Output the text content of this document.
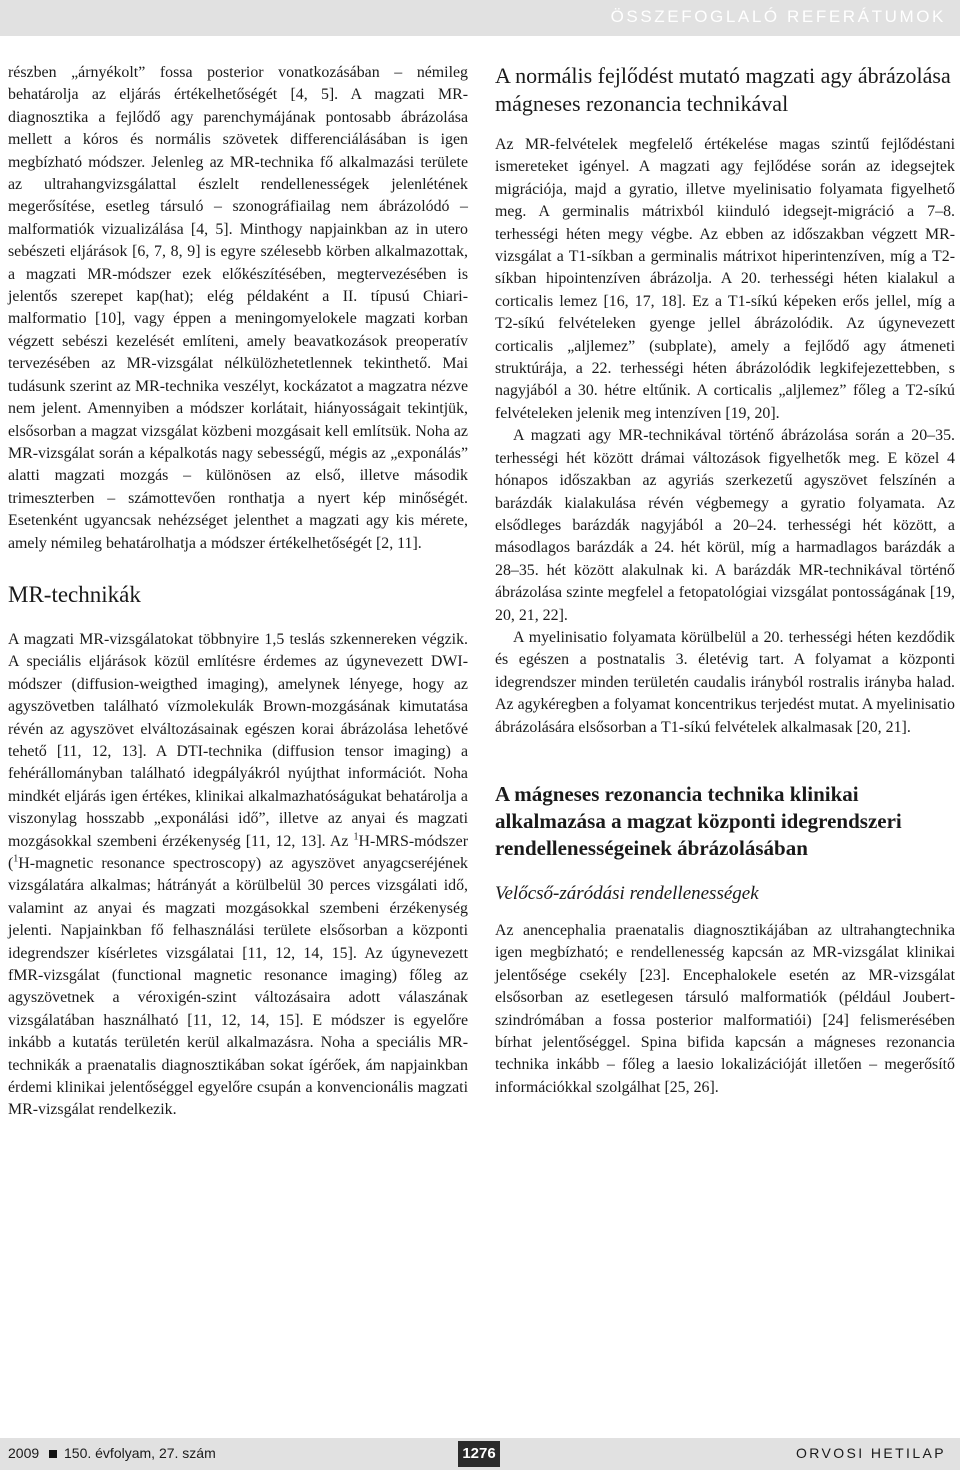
ÖSSZEFOGLALÓ REFERÁTUMOK

részben „árnyékolt” fossa posterior vonatkozásában – némileg behatárolja az eljárás értékelhetőségét [4, 5]. A magzati MR-diagnosztika a fejlődő agy parenchymájának pontosabb ábrázolása mellett a kóros és normális szövetek differenciálásában is igen megbízható módszer. Jelenleg az MR-technika fő alkalmazási területe az ultrahangvizsgálattal észlelt rendellenességek jelenlétének megerősítése, esetleg társuló – szonográfiailag nem ábrázolódó – malformatiók vizualizálása [4, 5]. Minthogy napjainkban az in utero sebészeti eljárások [6, 7, 8, 9] is egyre szélesebb körben alkalmazottak, a magzati MR-módszer ezek előkészítésében, megtervezésében is jelentős szerepet kap(hat); elég példaként a II. típusú Chiari-malformatio [10], vagy éppen a meningomyelokele magzati korban végzett sebészi kezelését említeni, amely beavatkozások preoperatív tervezésében az MR-vizsgálat nélkülözhetetlennek tekinthető. Mai tudásunk szerint az MR-technika veszélyt, kockázatot a magzatra nézve nem jelent. Amennyiben a módszer korlátait, hiányosságait tekintjük, elsősorban a magzat vizsgálat közbeni mozgásait kell említsük. Noha az MR-vizsgálat során a képalkotás nagy sebességű, mégis az „exponálás” alatti magzati mozgás – különösen az első, illetve második trimeszterben – számottevően ronthatja a nyert kép minőségét. Esetenként ugyancsak nehézséget jelenthet a magzati agy kis mérete, amely némileg behatárolhatja a módszer értékelhetőségét [2, 11].

MR-technikák

A magzati MR-vizsgálatokat többnyire 1,5 teslás szkennereken végzik. A speciális eljárások közül említésre érdemes az úgynevezett DWI-módszer (diffusion-weigthed imaging), amelynek lényege, hogy az agyszövetben található vízmolekulák Brown-mozgásának kimutatása révén az agyszövet elváltozásainak egészen korai ábrázolása lehetővé tehető [11, 12, 13]. A DTI-technika (diffusion tensor imaging) a fehérállományban található idegpályákról nyújthat információt. Noha mindkét eljárás igen értékes, klinikai alkalmazhatóságukat behatárolja a viszonylag hosszabb „exponálási idő”, illetve az anyai és magzati mozgásokkal szembeni érzékenység [11, 12, 13]. Az $^1$H-MRS-módszer ($^1$H-magnetic resonance spectroscopy) az agyszövet anyagcseréjének vizsgálatára alkalmas; hátrányát a körülbelül 30 perces vizsgálati idő, valamint az anyai és magzati mozgásokkal szembeni érzékenység jelenti. Napjainkban fő felhasználási területe elsősorban a központi idegrendszer kísérletes vizsgálatai [11, 12, 14, 15]. Az úgynevezett fMR-vizsgálat (functional magnetic resonance imaging) főleg az agyszövetnek a véroxigén-szint változásaira adott válaszának vizsgálatában használható [11, 12, 14, 15]. E módszer is egyelőre inkább a kutatás területén kerül alkalmazásra. Noha a speciális MR-technikák a praenatalis diagnosztikában sokat ígérőek, ám napjainkban érdemi klinikai jelentőséggel egyelőre csupán a konvencionális magzati MR-vizsgálat rendelkezik.

A normális fejlődést mutató magzati agy ábrázolása mágneses rezonancia technikával

Az MR-felvételek megfelelő értékelése magas szintű fejlődéstani ismereteket igényel. A magzati agy fejlődése során az idegsejtek migrációja, majd a gyratio, illetve myelinisatio folyamata figyelhető meg. A germinalis mátrixból kiinduló idegsejt-migráció a 7–8. terhességi héten megy végbe. Az ebben az időszakban végzett MR-vizsgálat a T1-síkban a germinalis mátrixot hiperintenzíven, míg a T2-síkban hipointenzíven ábrázolja. A 20. terhességi héten kialakul a corticalis lemez [16, 17, 18]. Ez a T1-síkú képeken erős jellel, míg a T2-síkú felvételeken gyenge jellel ábrázolódik. Az úgynevezett corticalis „aljlemez” (subplate), amely a fejlődő agy átmeneti struktúrája, a 22. terhességi héten ábrázolódik legkifejezettebben, s nagyjából a 30. hétre eltűnik. A corticalis „aljlemez” főleg a T2-síkú felvételeken jelenik meg intenzíven [19, 20].

A magzati agy MR-technikával történő ábrázolása során a 20–35. terhességi hét között drámai változások figyelhetők meg. E közel 4 hónapos időszakban az agyriás szerkezetű agyszövet felszínén a barázdák kialakulása révén végbemegy a gyratio folyamata. Az elsődleges barázdák nagyjából a 20–24. terhességi hét között, a másodlagos barázdák a 24. hét körül, míg a harmadlagos barázdák a 28–35. hét között alakulnak ki. A barázdák MR-technikával történő ábrázolása szinte megfelel a fetopatológiai vizsgálat pontosságának [19, 20, 21, 22].

A myelinisatio folyamata körülbelül a 20. terhességi héten kezdődik és egészen a postnatalis 3. életévig tart. A folyamat a központi idegrendszer minden területén caudalis irányból rostralis irányba halad. Az agykéregben a folyamat koncentrikus terjedést mutat. A myelinisatio ábrázolására elsősorban a T1-síkú felvételek alkalmasak [20, 21].

A mágneses rezonancia technika klinikai alkalmazása a magzat központi idegrendszeri rendellenességeinek ábrázolásában
Velőcső-záródási rendellenességek

Az anencephalia praenatalis diagnosztikájában az ultrahangtechnika igen megbízható; e rendellenesség kapcsán az MR-vizsgálat klinikai jelentősége csekély [23]. Encephalokele esetén az MR-vizsgálat elsősorban az esetlegesen társuló malformatiók (például Joubert-szindrómában a fossa posterior malformatiói) [24] felismerésében bírhat jelentőséggel. Spina bifida kapcsán a mágneses rezonancia technika inkább – főleg a laesio lokalizációját illetően – megerősítő információkkal szolgálhat [25, 26].

2009 150. évfolyam, 27. szám	1276	ORVOSI HETILAP
